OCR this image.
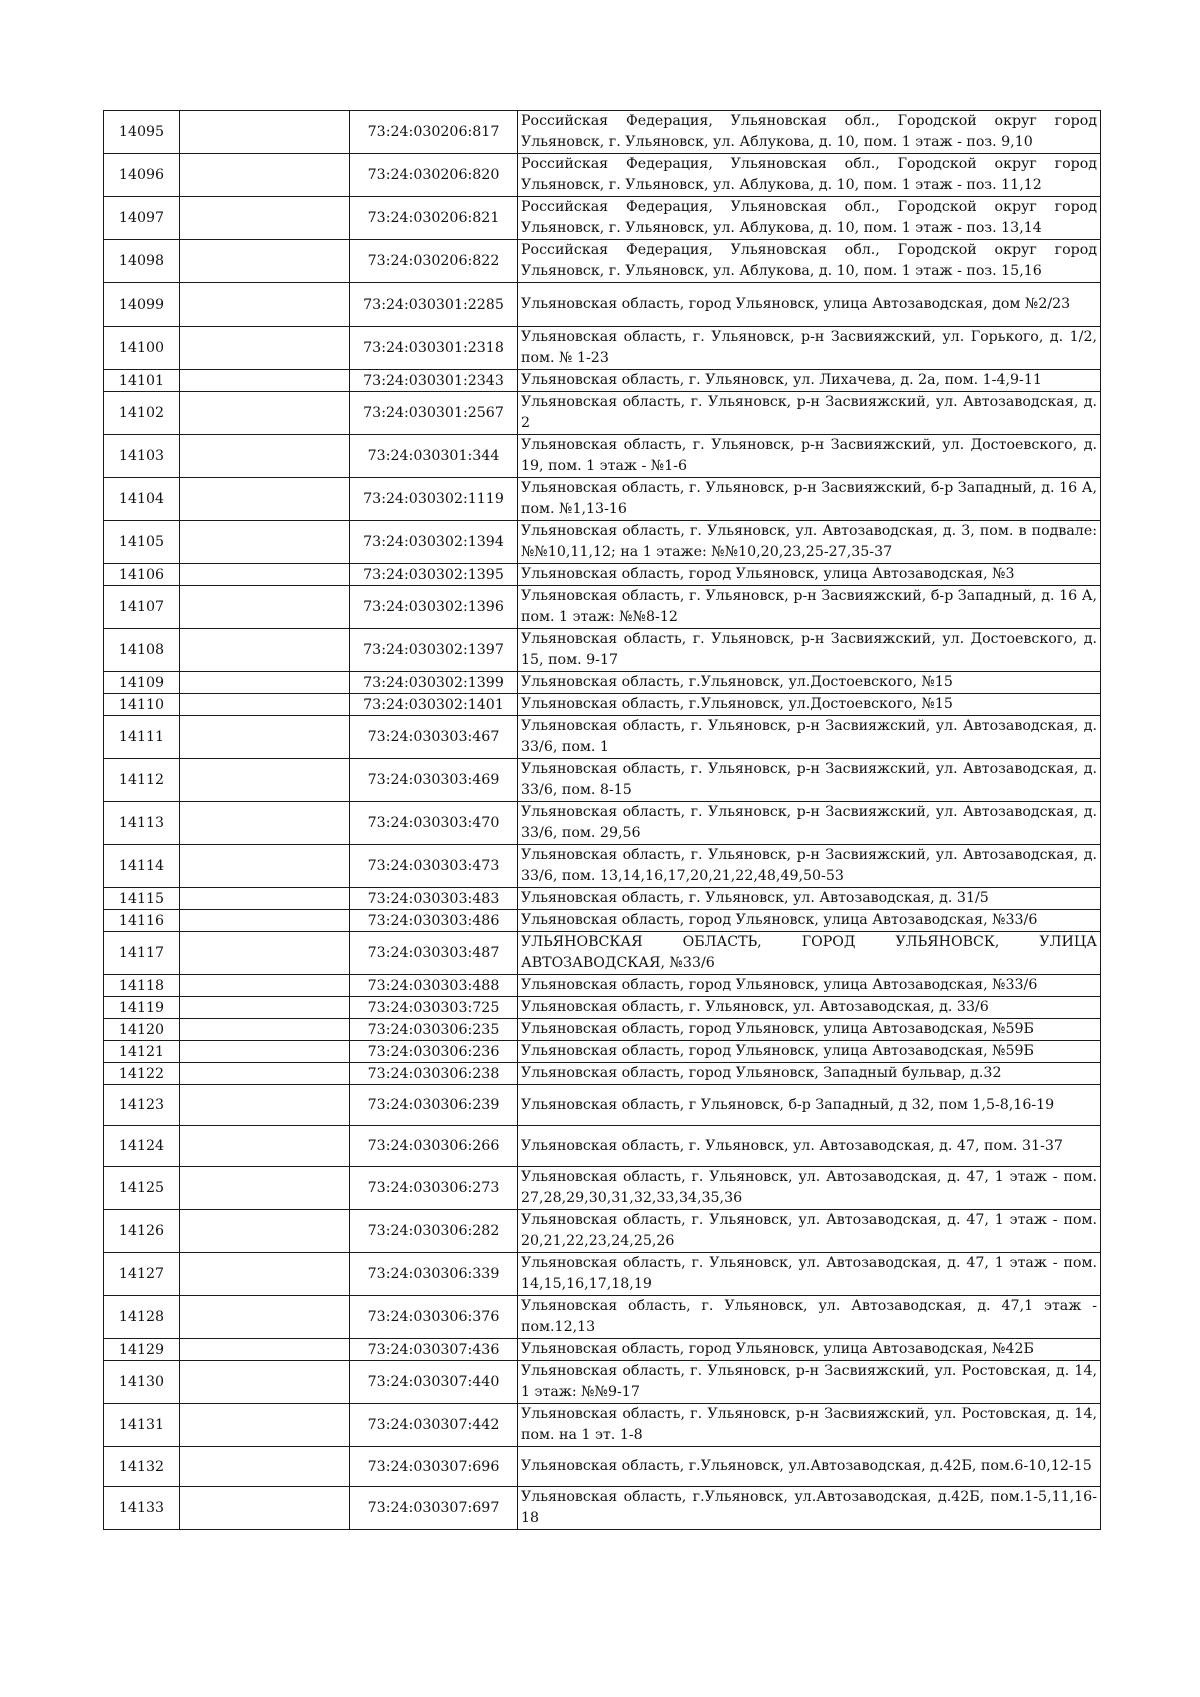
14095		73:24:030206:817	Российская Федерация, Ульяновская обл., Городской округ город Ульяновск, г. Ульяновск, ул. Аблукова, д. 10, пом. 1 этаж - поз. 9,10
14096		73:24:030206:820	Российская Федерация, Ульяновская обл., Городской округ город Ульяновск, г. Ульяновск, ул. Аблукова, д. 10, пом. 1 этаж - поз. 11,12
14097		73:24:030206:821	Российская Федерация, Ульяновская обл., Городской округ город Ульяновск, г. Ульяновск, ул. Аблукова, д. 10, пом. 1 этаж - поз. 13,14
14098		73:24:030206:822	Российская Федерация, Ульяновская обл., Городской округ город Ульяновск, г. Ульяновск, ул. Аблукова, д. 10, пом. 1 этаж - поз. 15,16
14099		73:24:030301:2285	Ульяновская область, город Ульяновск, улица Автозаводская, дом №2/23
14100		73:24:030301:2318	Ульяновская область, г. Ульяновск, р-н Засвияжский, ул. Горького, д. 1/2, пом. № 1-23
14101		73:24:030301:2343	Ульяновская область, г. Ульяновск, ул. Лихачева, д. 2а, пом. 1-4,9-11
14102		73:24:030301:2567	Ульяновская область, г. Ульяновск, р-н Засвияжский, ул. Автозаводская, д. 2
14103		73:24:030301:344	Ульяновская область, г. Ульяновск, р-н Засвияжский, ул. Достоевского, д. 19, пом. 1 этаж - №1-6
14104		73:24:030302:1119	Ульяновская область, г. Ульяновск, р-н Засвияжский, б-р Западный, д. 16 А, пом. №1,13-16
14105		73:24:030302:1394	Ульяновская область, г. Ульяновск, ул. Автозаводская, д. 3, пом. в подвале: №№10,11,12; на 1 этаже: №№10,20,23,25-27,35-37
14106		73:24:030302:1395	Ульяновская область, город Ульяновск, улица Автозаводская, №3
14107		73:24:030302:1396	Ульяновская область, г. Ульяновск, р-н Засвияжский, б-р Западный, д. 16 А, пом. 1 этаж: №№8-12
14108		73:24:030302:1397	Ульяновская область, г. Ульяновск, р-н Засвияжский, ул. Достоевского, д. 15, пом. 9-17
14109		73:24:030302:1399	Ульяновская область, г.Ульяновск, ул.Достоевского, №15
14110		73:24:030302:1401	Ульяновская область, г.Ульяновск, ул.Достоевского, №15
14111		73:24:030303:467	Ульяновская область, г. Ульяновск, р-н Засвияжский, ул. Автозаводская, д. 33/6, пом. 1
14112		73:24:030303:469	Ульяновская область, г. Ульяновск, р-н Засвияжский, ул. Автозаводская, д. 33/6, пом. 8-15
14113		73:24:030303:470	Ульяновская область, г. Ульяновск, р-н Засвияжский, ул. Автозаводская, д. 33/6, пом. 29,56
14114		73:24:030303:473	Ульяновская область, г. Ульяновск, р-н Засвияжский, ул. Автозаводская, д. 33/6, пом. 13,14,16,17,20,21,22,48,49,50-53
14115		73:24:030303:483	Ульяновская область, г. Ульяновск, ул. Автозаводская, д. 31/5
14116		73:24:030303:486	Ульяновская область, город Ульяновск, улица Автозаводская, №33/6
14117		73:24:030303:487	УЛЬЯНОВСКАЯ ОБЛАСТЬ, ГОРОД УЛЬЯНОВСК, УЛИЦА АВТОЗАВОДСКАЯ, №33/6
14118		73:24:030303:488	Ульяновская область, город Ульяновск, улица Автозаводская, №33/6
14119		73:24:030303:725	Ульяновская область, г. Ульяновск, ул. Автозаводская, д. 33/6
14120		73:24:030306:235	Ульяновская область, город Ульяновск, улица Автозаводская, №59Б
14121		73:24:030306:236	Ульяновская область, город Ульяновск, улица Автозаводская, №59Б
14122		73:24:030306:238	Ульяновская область, город Ульяновск, Западный бульвар, д.32
14123		73:24:030306:239	Ульяновская область, г Ульяновск, б-р Западный, д 32, пом 1,5-8,16-19
14124		73:24:030306:266	Ульяновская область, г. Ульяновск, ул. Автозаводская, д. 47, пом. 31-37
14125		73:24:030306:273	Ульяновская область, г. Ульяновск, ул. Автозаводская, д. 47, 1 этаж - пом. 27,28,29,30,31,32,33,34,35,36
14126		73:24:030306:282	Ульяновская область, г. Ульяновск, ул. Автозаводская, д. 47, 1 этаж - пом. 20,21,22,23,24,25,26
14127		73:24:030306:339	Ульяновская область, г. Ульяновск, ул. Автозаводская, д. 47, 1 этаж - пом. 14,15,16,17,18,19
14128		73:24:030306:376	Ульяновская область, г. Ульяновск, ул. Автозаводская, д. 47,1 этаж - пом.12,13
14129		73:24:030307:436	Ульяновская область, город Ульяновск, улица Автозаводская, №42Б
14130		73:24:030307:440	Ульяновская область, г. Ульяновск, р-н Засвияжский, ул. Ростовская, д. 14, 1 этаж: №№9-17
14131		73:24:030307:442	Ульяновская область, г. Ульяновск, р-н Засвияжский, ул. Ростовская, д. 14, пом. на 1 эт. 1-8
14132		73:24:030307:696	Ульяновская область, г.Ульяновск, ул.Автозаводская, д.42Б, пом.6-10,12-15
14133		73:24:030307:697	Ульяновская область, г.Ульяновск, ул.Автозаводская, д.42Б, пом.1-5,11,16-18
